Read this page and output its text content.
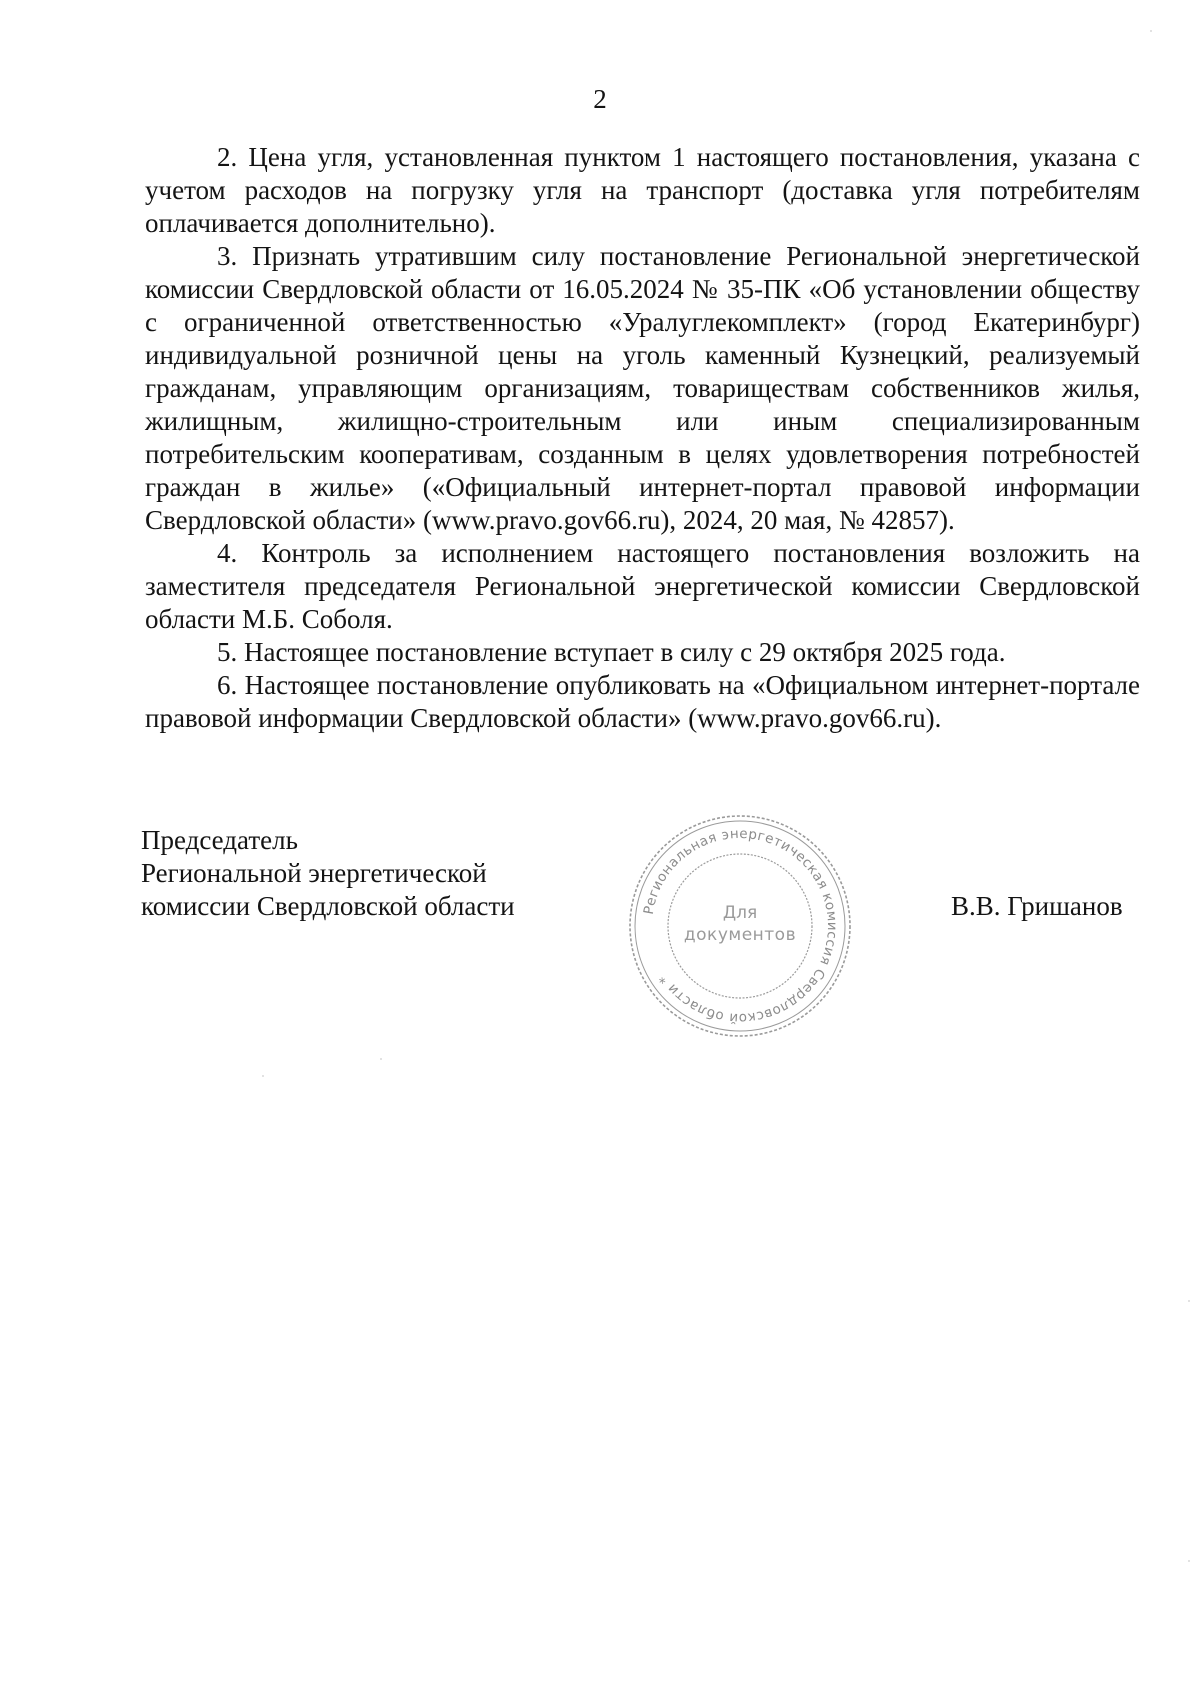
2

2. Цена угля, установленная пунктом 1 настоящего постановления, указана с учетом расходов на погрузку угля на транспорт (доставка угля потребителям оплачивается дополнительно).

3. Признать утратившим силу постановление Региональной энергетической комиссии Свердловской области от 16.05.2024 № 35-ПК «Об установлении обществу с ограниченной ответственностью «Уралуглекомплект» (город Екатеринбург) индивидуальной розничной цены на уголь каменный Кузнецкий, реализуемый гражданам, управляющим организациям, товариществам собственников жилья, жилищным, жилищно-строительным или иным специализированным потребительским кооперативам, созданным в целях удовлетворения потребностей граждан в жилье» («Официальный интернет-портал правовой информации Свердловской области» (www.pravo.gov66.ru), 2024, 20 мая, № 42857).

4. Контроль за исполнением настоящего постановления возложить на заместителя председателя Региональной энергетической комиссии Свердловской области М.Б. Соболя.

5. Настоящее постановление вступает в силу с 29 октября 2025 года.

6. Настоящее постановление опубликовать на «Официальном интернет-портале правовой информации Свердловской области» (www.pravo.gov66.ru).

Председатель
Региональной энергетической
комиссии Свердловской области	В.В. Гришанов
Региональная энергетическая комиссия Свердловской области *
Для
документов
